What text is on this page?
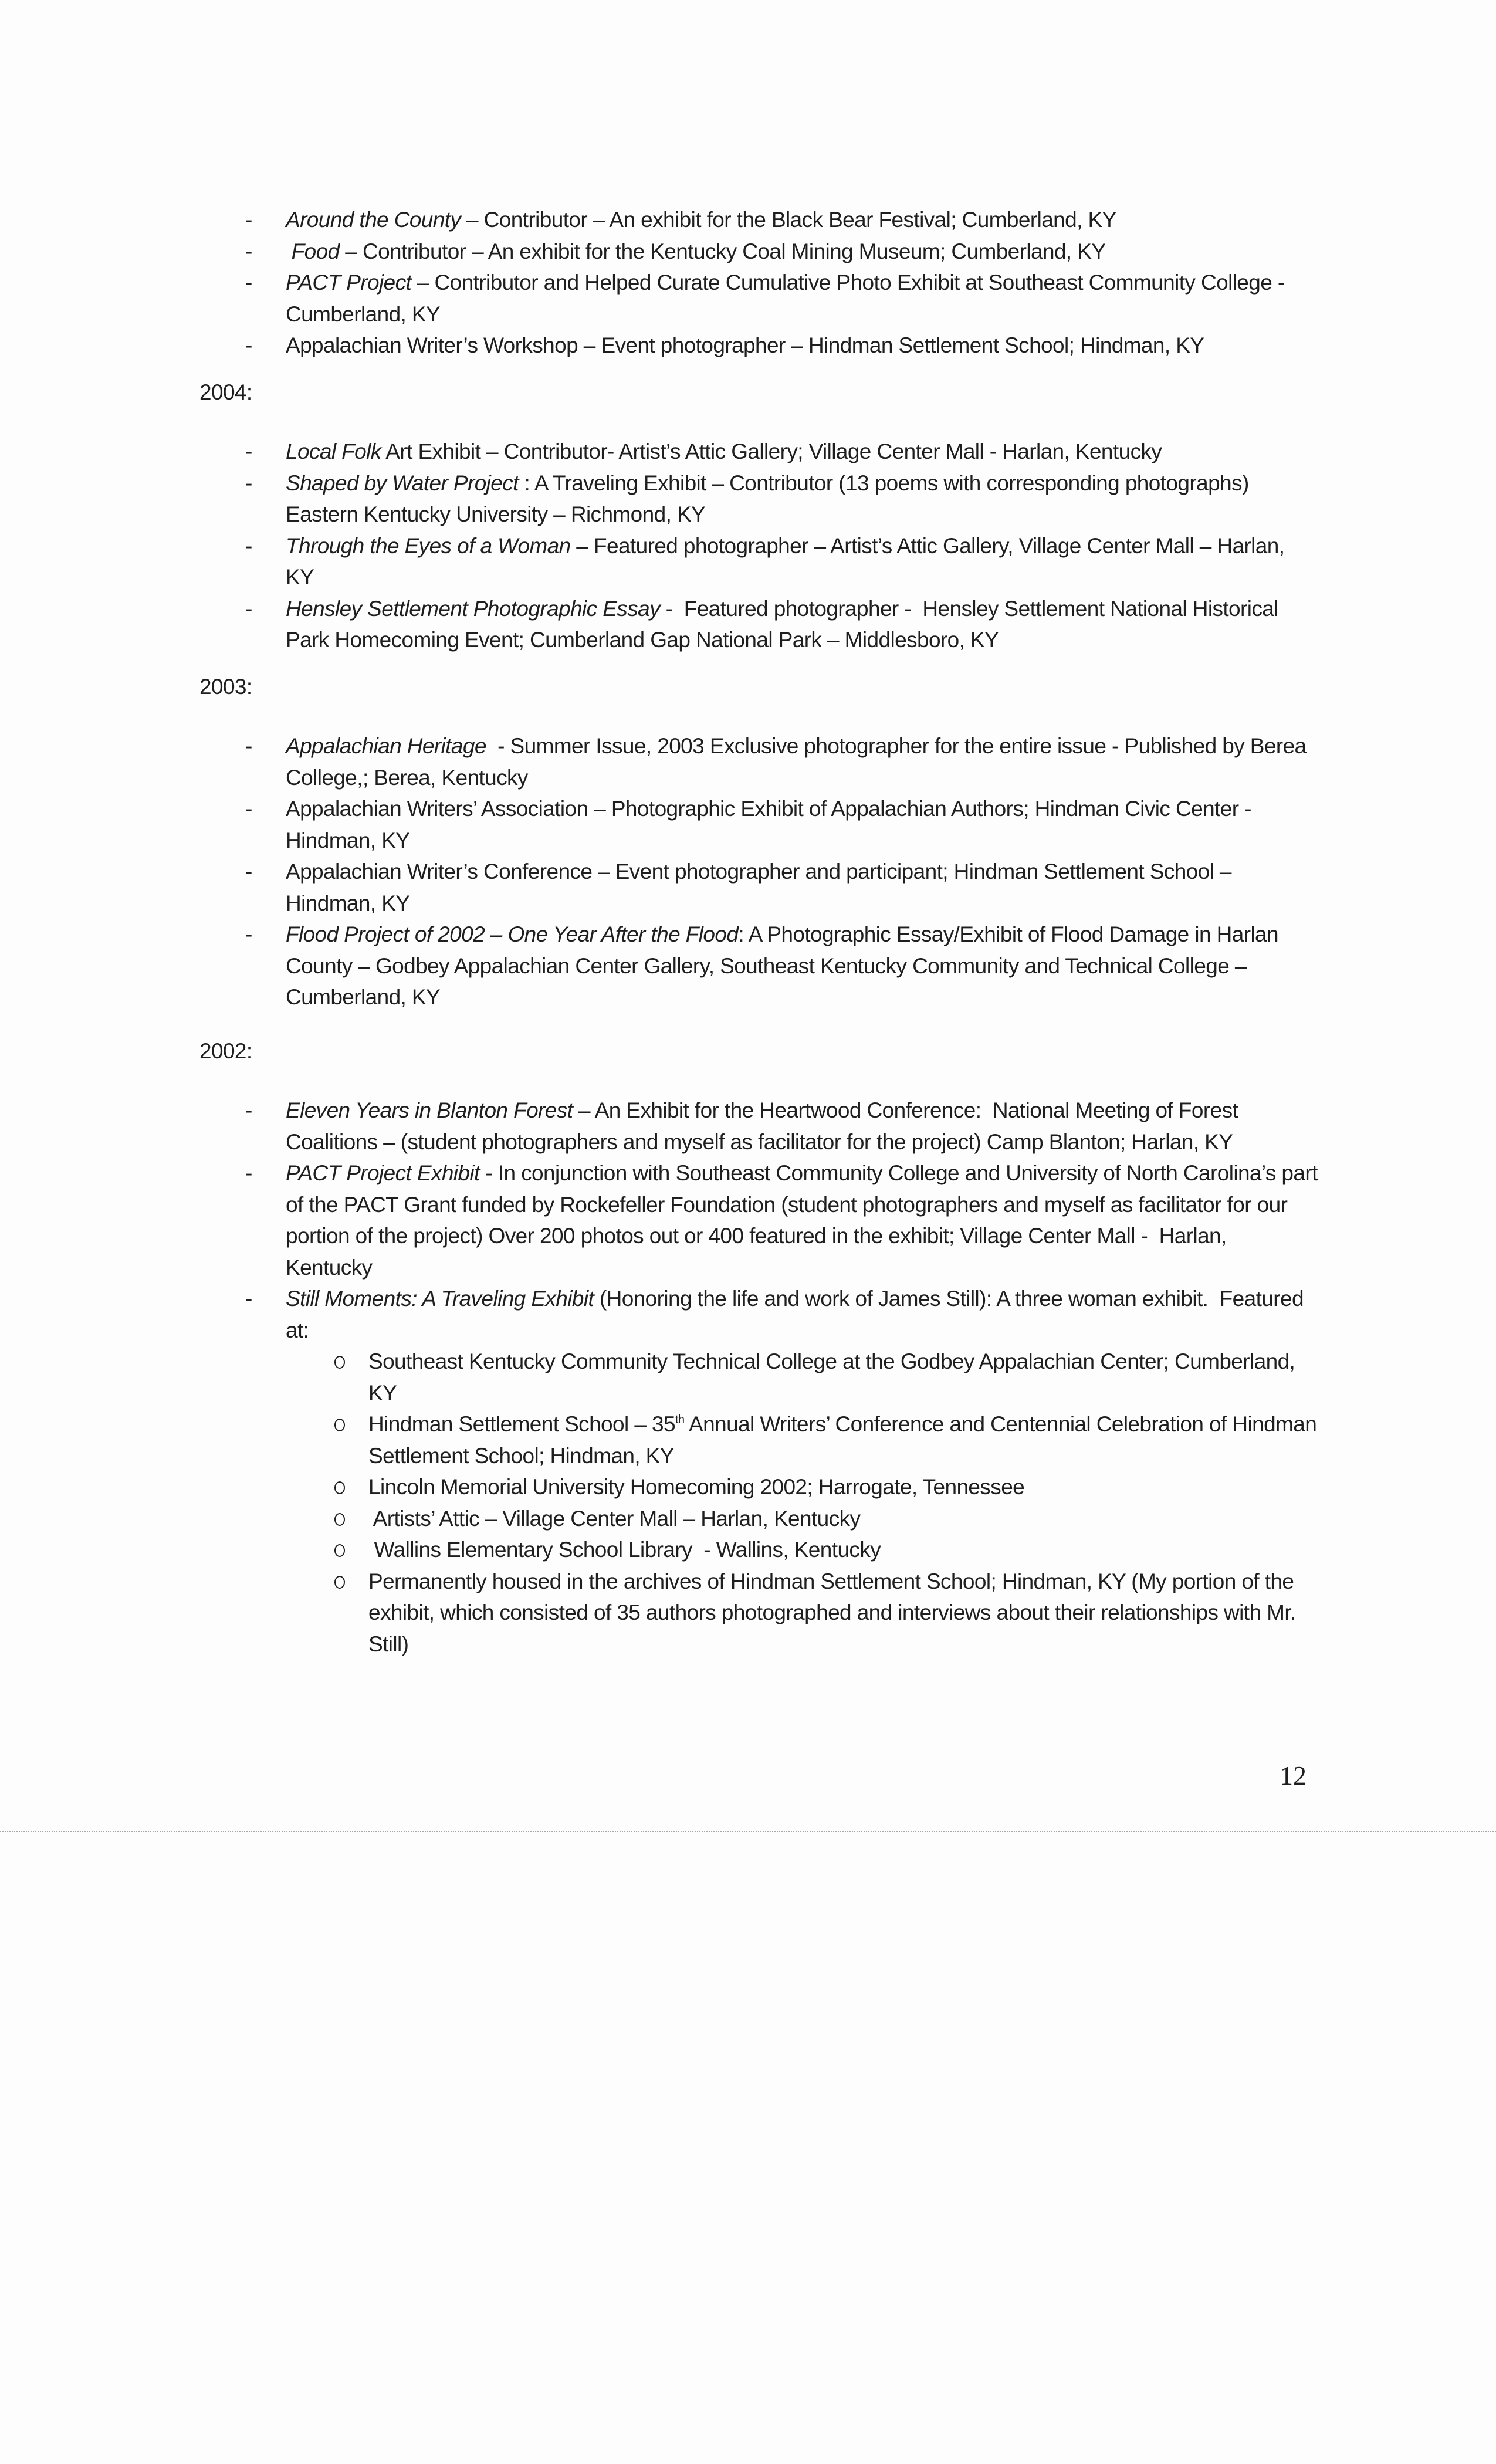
- Around the County – Contributor – An exhibit for the Black Bear Festival; Cumberland, KY
- Food – Contributor – An exhibit for the Kentucky Coal Mining Museum; Cumberland, KY
- PACT Project – Contributor and Helped Curate Cumulative Photo Exhibit at Southeast Community College - Cumberland, KY
- Appalachian Writer’s Workshop – Event photographer – Hindman Settlement School; Hindman, KY
2004:
- Local Folk Art Exhibit – Contributor- Artist’s Attic Gallery; Village Center Mall - Harlan, Kentucky
- Shaped by Water Project : A Traveling Exhibit – Contributor (13 poems with corresponding photographs) Eastern Kentucky University – Richmond, KY
- Through the Eyes of a Woman – Featured photographer – Artist’s Attic Gallery, Village Center Mall – Harlan, KY
- Hensley Settlement Photographic Essay -  Featured photographer -  Hensley Settlement National Historical Park Homecoming Event; Cumberland Gap National Park – Middlesboro, KY
2003:
- Appalachian Heritage  - Summer Issue, 2003 Exclusive photographer for the entire issue - Published by Berea College,; Berea, Kentucky
- Appalachian Writers’ Association – Photographic Exhibit of Appalachian Authors; Hindman Civic Center - Hindman, KY
- Appalachian Writer’s Conference – Event photographer and participant; Hindman Settlement School – Hindman, KY
- Flood Project of 2002 – One Year After the Flood: A Photographic Essay/Exhibit of Flood Damage in Harlan County – Godbey Appalachian Center Gallery, Southeast Kentucky Community and Technical College – Cumberland, KY
2002:
- Eleven Years in Blanton Forest – An Exhibit for the Heartwood Conference:  National Meeting of Forest Coalitions – (student photographers and myself as facilitator for the project) Camp Blanton; Harlan, KY
- PACT Project Exhibit - In conjunction with Southeast Community College and University of North Carolina’s part of the PACT Grant funded by Rockefeller Foundation (student photographers and myself as facilitator for our portion of the project) Over 200 photos out or 400 featured in the exhibit; Village Center Mall -  Harlan, Kentucky
- Still Moments: A Traveling Exhibit (Honoring the life and work of James Still): A three woman exhibit.  Featured at:
Southeast Kentucky Community Technical College at the Godbey Appalachian Center; Cumberland, KY
Hindman Settlement School – 35th Annual Writers’ Conference and Centennial Celebration of Hindman Settlement School; Hindman, KY
Lincoln Memorial University Homecoming 2002; Harrogate, Tennessee
Artists’ Attic – Village Center Mall – Harlan, Kentucky
Wallins Elementary School Library  - Wallins, Kentucky
Permanently housed in the archives of Hindman Settlement School; Hindman, KY (My portion of the exhibit, which consisted of 35 authors photographed and interviews about their relationships with Mr. Still)
12
